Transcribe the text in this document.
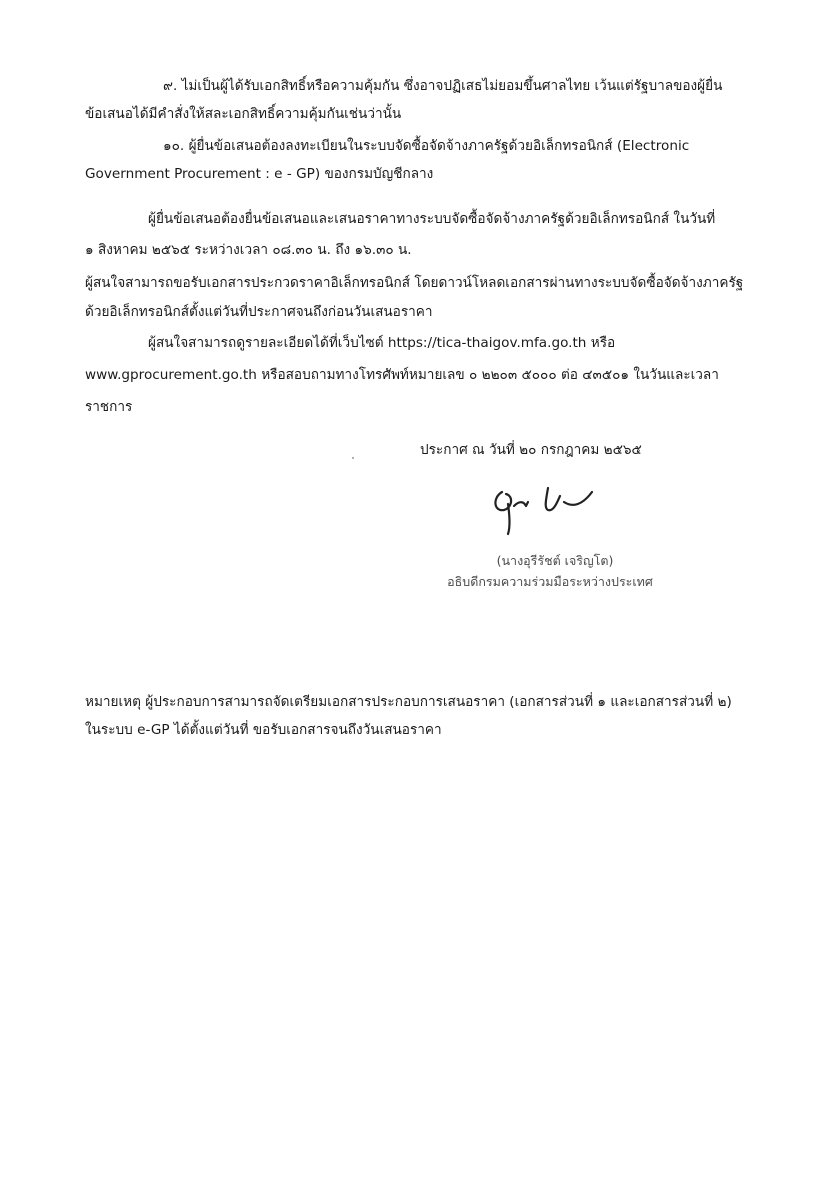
๙. ไม่เป็นผู้ได้รับเอกสิทธิ์หรือความคุ้มกัน ซึ่งอาจปฏิเสธไม่ยอมขึ้นศาลไทย เว้นแต่รัฐบาลของผู้ยื่น
ข้อเสนอได้มีคำสั่งให้สละเอกสิทธิ์ความคุ้มกันเช่นว่านั้น
๑๐. ผู้ยื่นข้อเสนอต้องลงทะเบียนในระบบจัดซื้อจัดจ้างภาครัฐด้วยอิเล็กทรอนิกส์ (Electronic
Government Procurement : e - GP) ของกรมบัญชีกลาง
ผู้ยื่นข้อเสนอต้องยื่นข้อเสนอและเสนอราคาทางระบบจัดซื้อจัดจ้างภาครัฐด้วยอิเล็กทรอนิกส์ ในวันที่
๑ สิงหาคม ๒๕๖๕ ระหว่างเวลา ๐๘.๓๐ น. ถึง ๑๖.๓๐ น.
ผู้สนใจสามารถขอรับเอกสารประกวดราคาอิเล็กทรอนิกส์ โดยดาวน์โหลดเอกสารผ่านทางระบบจัดซื้อจัดจ้างภาครัฐ
ด้วยอิเล็กทรอนิกส์ตั้งแต่วันที่ประกาศจนถึงก่อนวันเสนอราคา
ผู้สนใจสามารถดูรายละเอียดได้ที่เว็บไซต์ https://tica-thaigov.mfa.go.th หรือ
www.gprocurement.go.th หรือสอบถามทางโทรศัพท์หมายเลข ๐ ๒๒๐๓ ๕๐๐๐ ต่อ ๔๓๕๐๑ ในวันและเวลา
ราชการ
ประกาศ ณ วันที่ ๒๐ กรกฎาคม ๒๕๖๕
(นางอุรีรัชต์ เจริญโต)
อธิบดีกรมความร่วมมือระหว่างประเทศ
หมายเหตุ ผู้ประกอบการสามารถจัดเตรียมเอกสารประกอบการเสนอราคา (เอกสารส่วนที่ ๑ และเอกสารส่วนที่ ๒)
ในระบบ e-GP ได้ตั้งแต่วันที่ ขอรับเอกสารจนถึงวันเสนอราคา
